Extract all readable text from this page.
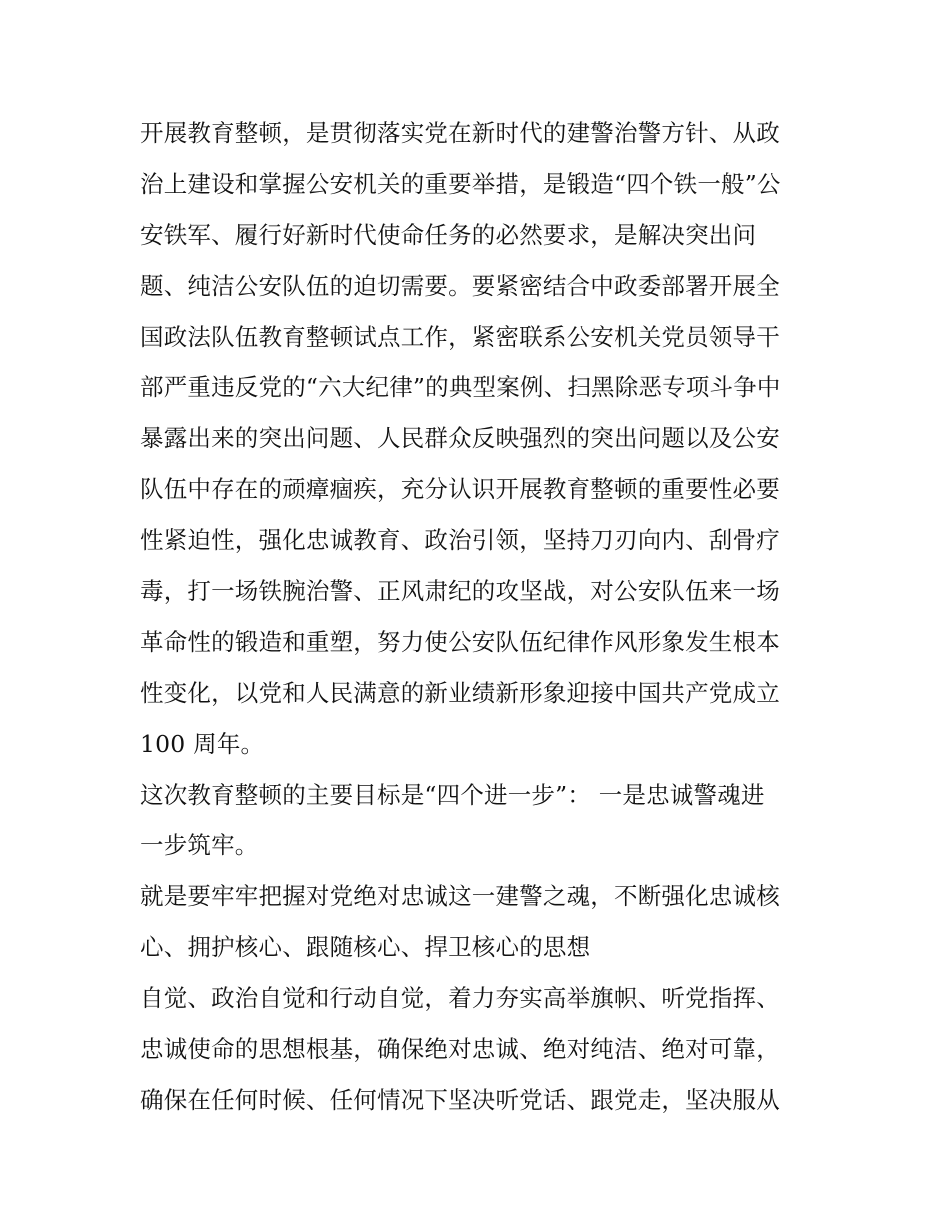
开展教育整顿，是贯彻落实党在新时代的建警治警方针、从政
治上建设和掌握公安机关的重要举措，是锻造“四个铁一般”公
安铁军、履行好新时代使命任务的必然要求，是解决突出问
题、纯洁公安队伍的迫切需要。要紧密结合中政委部署开展全
国政法队伍教育整顿试点工作，紧密联系公安机关党员领导干
部严重违反党的“六大纪律”的典型案例、扫黑除恶专项斗争中
暴露出来的突出问题、人民群众反映强烈的突出问题以及公安
队伍中存在的顽瘴痼疾，充分认识开展教育整顿的重要性必要
性紧迫性，强化忠诚教育、政治引领，坚持刀刃向内、刮骨疗
毒，打一场铁腕治警、正风肃纪的攻坚战，对公安队伍来一场
革命性的锻造和重塑，努力使公安队伍纪律作风形象发生根本
性变化，以党和人民满意的新业绩新形象迎接中国共产党成立
100 周年。
这次教育整顿的主要目标是“四个进一步”： 一是忠诚警魂进
一步筑牢。
就是要牢牢把握对党绝对忠诚这一建警之魂，不断强化忠诚核
心、拥护核心、跟随核心、捍卫核心的思想
自觉、政治自觉和行动自觉，着力夯实高举旗帜、听党指挥、
忠诚使命的思想根基，确保绝对忠诚、绝对纯洁、绝对可靠，
确保在任何时候、任何情况下坚决听党话、跟党走，坚决服从
